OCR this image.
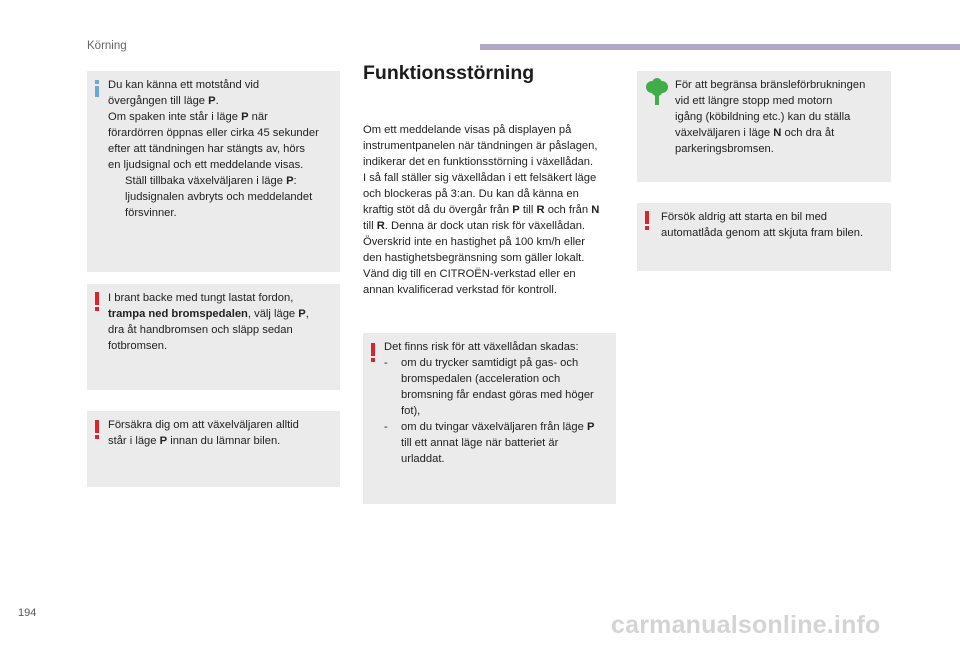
Körning
Du kan känna ett motstånd vid
övergången till läge P.
Om spaken inte står i läge P när
förardörren öppnas eller cirka 45 sekunder
efter att tändningen har stängts av, hörs
en ljudsignal och ett meddelande visas.
Ställ tillbaka växelväljaren i läge P:
ljudsignalen avbryts och meddelandet
försvinner.
I brant backe med tungt lastat fordon,
trampa ned bromspedalen, välj läge P,
dra åt handbromsen och släpp sedan
fotbromsen.
Försäkra dig om att växelväljaren alltid
står i läge P innan du lämnar bilen.
Funktionsstörning
Om ett meddelande visas på displayen på
instrumentpanelen när tändningen är påslagen,
indikerar det en funktionsstörning i växellådan.
I så fall ställer sig växellådan i ett felsäkert läge
och blockeras på 3:an. Du kan då känna en
kraftig stöt då du övergår från P till R och från N
till R. Denna är dock utan risk för växellådan.
Överskrid inte en hastighet på 100 km/h eller
den hastighetsbegränsning som gäller lokalt.
Vänd dig till en CITROËN-verkstad eller en
annan kvalificerad verkstad för kontroll.
Det finns risk för att växellådan skadas:
- om du trycker samtidigt på gas- och
bromspedalen (acceleration och
bromsning får endast göras med höger
fot),
- om du tvingar växelväljaren från läge P
till ett annat läge när batteriet är
urladdat.
För att begränsa bränsleförbrukningen
vid ett längre stopp med motorn
igång (köbildning etc.) kan du ställa
växelväljaren i läge N och dra åt
parkeringsbromsen.
Försök aldrig att starta en bil med
automatlåda genom att skjuta fram bilen.
194	carmanualsonline.info
